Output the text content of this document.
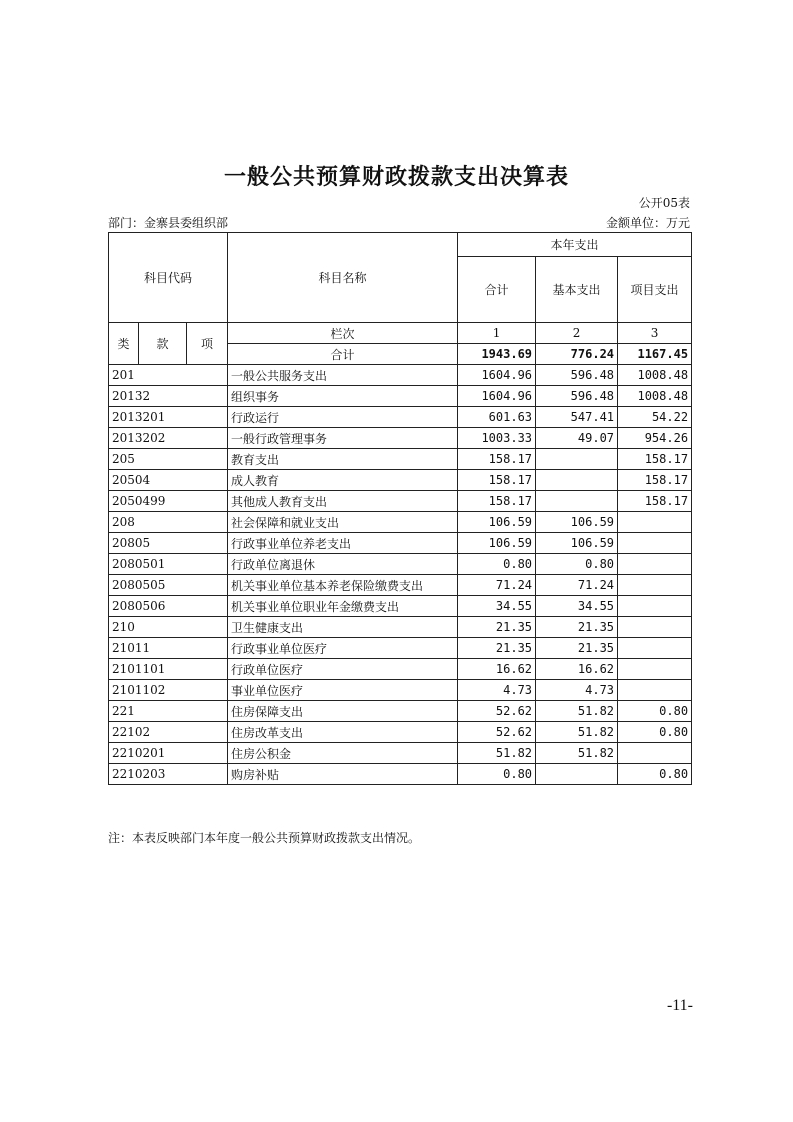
一般公共预算财政拨款支出决算表
公开05表
部门：金寨县委组织部	金额单位：万元
科目代码			科目名称	本年支出		
				合计	基本支出	项目支出
类	款	项	栏次	1	2	3
			合计	1943.69	776.24	1167.45
201			一般公共服务支出	1604.96	596.48	1008.48
20132			组织事务	1604.96	596.48	1008.48
2013201			行政运行	601.63	547.41	54.22
2013202			一般行政管理事务	1003.33	49.07	954.26
205			教育支出	158.17		158.17
20504			成人教育	158.17		158.17
2050499			其他成人教育支出	158.17		158.17
208			社会保障和就业支出	106.59	106.59	
20805			行政事业单位养老支出	106.59	106.59	
2080501			行政单位离退休	0.80	0.80	
2080505			机关事业单位基本养老保险缴费支出	71.24	71.24	
2080506			机关事业单位职业年金缴费支出	34.55	34.55	
210			卫生健康支出	21.35	21.35	
21011			行政事业单位医疗	21.35	21.35	
2101101			行政单位医疗	16.62	16.62	
2101102			事业单位医疗	4.73	4.73	
221			住房保障支出	52.62	51.82	0.80
22102			住房改革支出	52.62	51.82	0.80
2210201			住房公积金	51.82	51.82	
2210203			购房补贴	0.80		0.80
注：本表反映部门本年度一般公共预算财政拨款支出情况。
-11-
